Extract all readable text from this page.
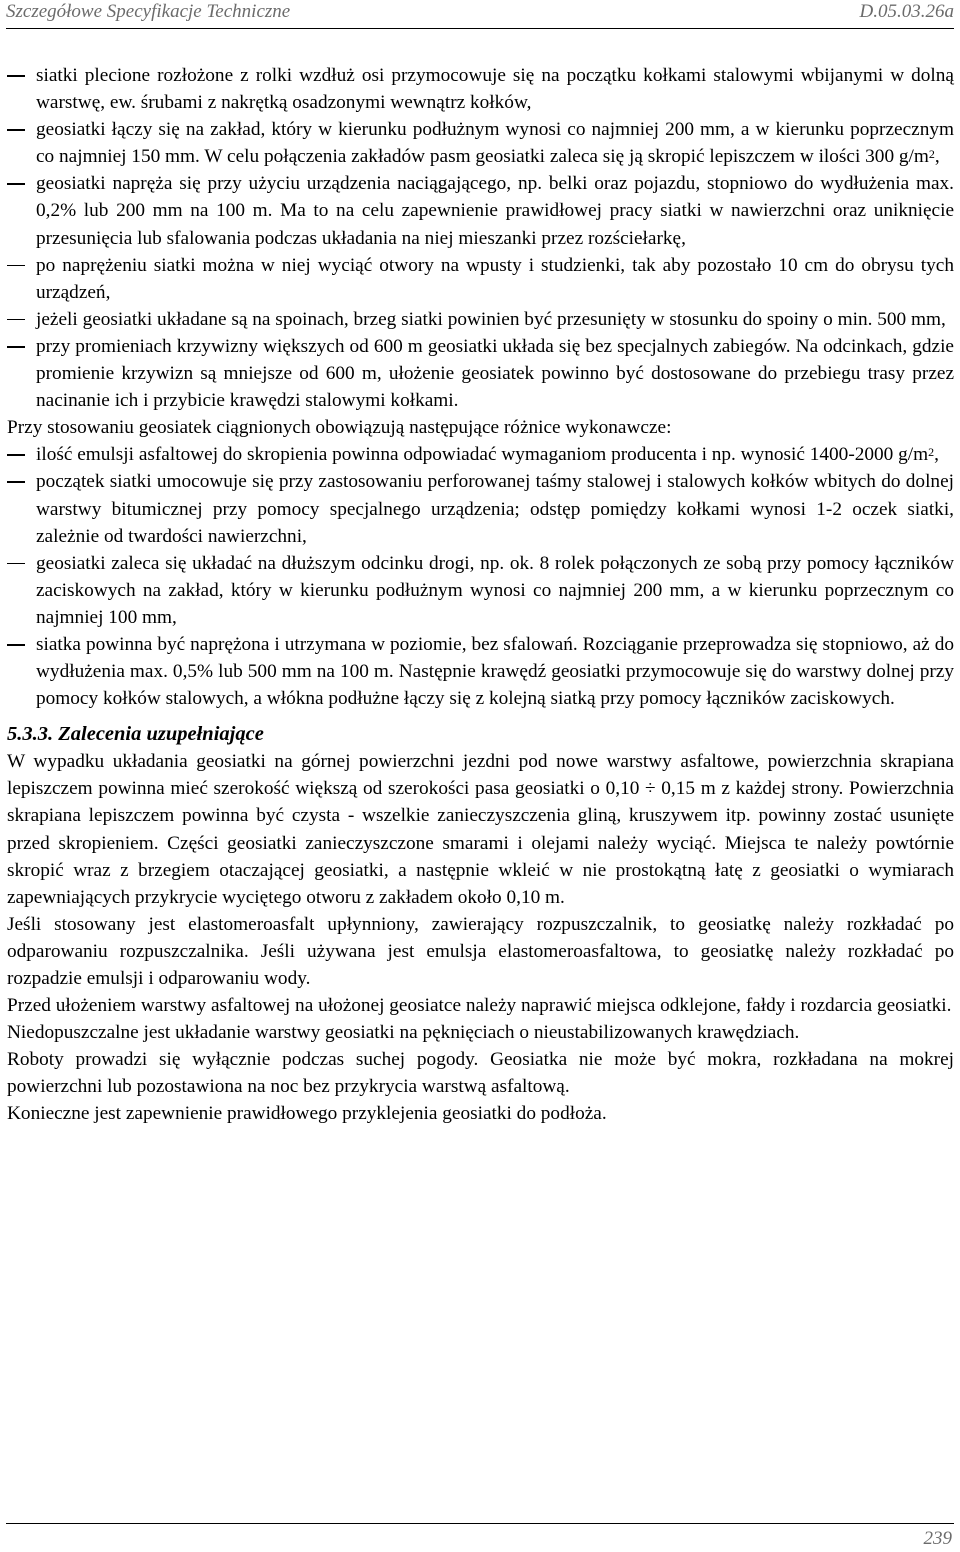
Szczegółowe Specyfikacje Techniczne	D.05.03.26a
siatki plecione rozłożone z rolki wzdłuż osi przymocowuje się na początku kołkami stalowymi wbijanymi w dolną warstwę, ew. śrubami z nakrętką osadzonymi wewnątrz kołków,
geosiatki łączy się na zakład, który w kierunku podłużnym wynosi co najmniej 200 mm, a w kierunku poprzecznym co najmniej 150 mm. W celu połączenia zakładów pasm geosiatki zaleca się ją skropić lepiszczem w ilości 300 $g/m^2$,
geosiatki napręża się przy użyciu urządzenia naciągającego, np. belki oraz pojazdu, stopniowo do wydłużenia max. 0,2% lub 200 mm na 100 m. Ma to na celu zapewnienie prawidłowej pracy siatki w nawierzchni oraz uniknięcie przesunięcia lub sfalowania podczas układania na niej mieszanki przez rozściełarkę,
po naprężeniu siatki można w niej wyciąć otwory na wpusty i studzienki, tak aby pozostało 10 cm do obrysu tych urządzeń,
jeżeli geosiatki układane są na spoinach, brzeg siatki powinien być przesunięty w stosunku do spoiny o min. 500 mm,
przy promieniach krzywizny większych od 600 m geosiatki układa się bez specjalnych zabiegów. Na odcinkach, gdzie promienie krzywizn są mniejsze od 600 m, ułożenie geosiatek powinno być dostosowane do przebiegu trasy przez nacinanie ich i przybicie krawędzi stalowymi kołkami.

Przy stosowaniu geosiatek ciągnionych obowiązują następujące różnice wykonawcze:

ilość emulsji asfaltowej do skropienia powinna odpowiadać wymaganiom producenta i np. wynosić 1400-2000 $g/m^2$,
początek siatki umocowuje się przy zastosowaniu perforowanej taśmy stalowej i stalowych kołków wbitych do dolnej warstwy bitumicznej przy pomocy specjalnego urządzenia; odstęp pomiędzy kołkami wynosi 1-2 oczek siatki, zależnie od twardości nawierzchni,
geosiatki zaleca się układać na dłuższym odcinku drogi, np. ok. 8 rolek połączonych ze sobą przy pomocy łączników zaciskowych na zakład, który w kierunku podłużnym wynosi co najmniej 200 mm, a w kierunku poprzecznym co najmniej 100 mm,
siatka powinna być naprężona i utrzymana w poziomie, bez sfalowań. Rozciąganie przeprowadza się stopniowo, aż do wydłużenia max. 0,5% lub 500 mm na 100 m. Następnie krawędź geosiatki przymocowuje się do warstwy dolnej przy pomocy kołków stalowych, a włókna podłużne łączy się z kolejną siatką przy pomocy łączników zaciskowych.
5.3.3. Zalecenia uzupełniające

W wypadku układania geosiatki na górnej powierzchni jezdni pod nowe warstwy asfaltowe, powierzchnia skrapiana lepiszczem powinna mieć szerokość większą od szerokości pasa geosiatki o 0,10 ÷ 0,15 m z każdej strony. Powierzchnia skrapiana lepiszczem powinna być czysta - wszelkie zanieczyszczenia gliną, kruszywem itp. powinny zostać usunięte przed skropieniem. Części geosiatki zanieczyszczone smarami i olejami należy wyciąć. Miejsca te należy powtórnie skropić wraz z brzegiem otaczającej geosiatki, a następnie wkleić w nie prostokątną łatę z geosiatki o wymiarach zapewniających przykrycie wyciętego otworu z zakładem około 0,10 m.

Jeśli stosowany jest elastomeroasfalt upłynniony, zawierający rozpuszczalnik, to geosiatkę należy rozkładać po odparowaniu rozpuszczalnika. Jeśli używana jest emulsja elastomeroasfaltowa, to geosiatkę należy rozkładać po rozpadzie emulsji i odparowaniu wody.

Przed ułożeniem warstwy asfaltowej na ułożonej geosiatce należy naprawić miejsca odklejone, fałdy i rozdarcia geosiatki.

Niedopuszczalne jest układanie warstwy geosiatki na pęknięciach o nieustabilizowanych krawędziach.

Roboty prowadzi się wyłącznie podczas suchej pogody. Geosiatka nie może być mokra, rozkładana na mokrej powierzchni lub pozostawiona na noc bez przykrycia warstwą asfaltową.

Konieczne jest zapewnienie prawidłowego przyklejenia geosiatki do podłoża.

239
